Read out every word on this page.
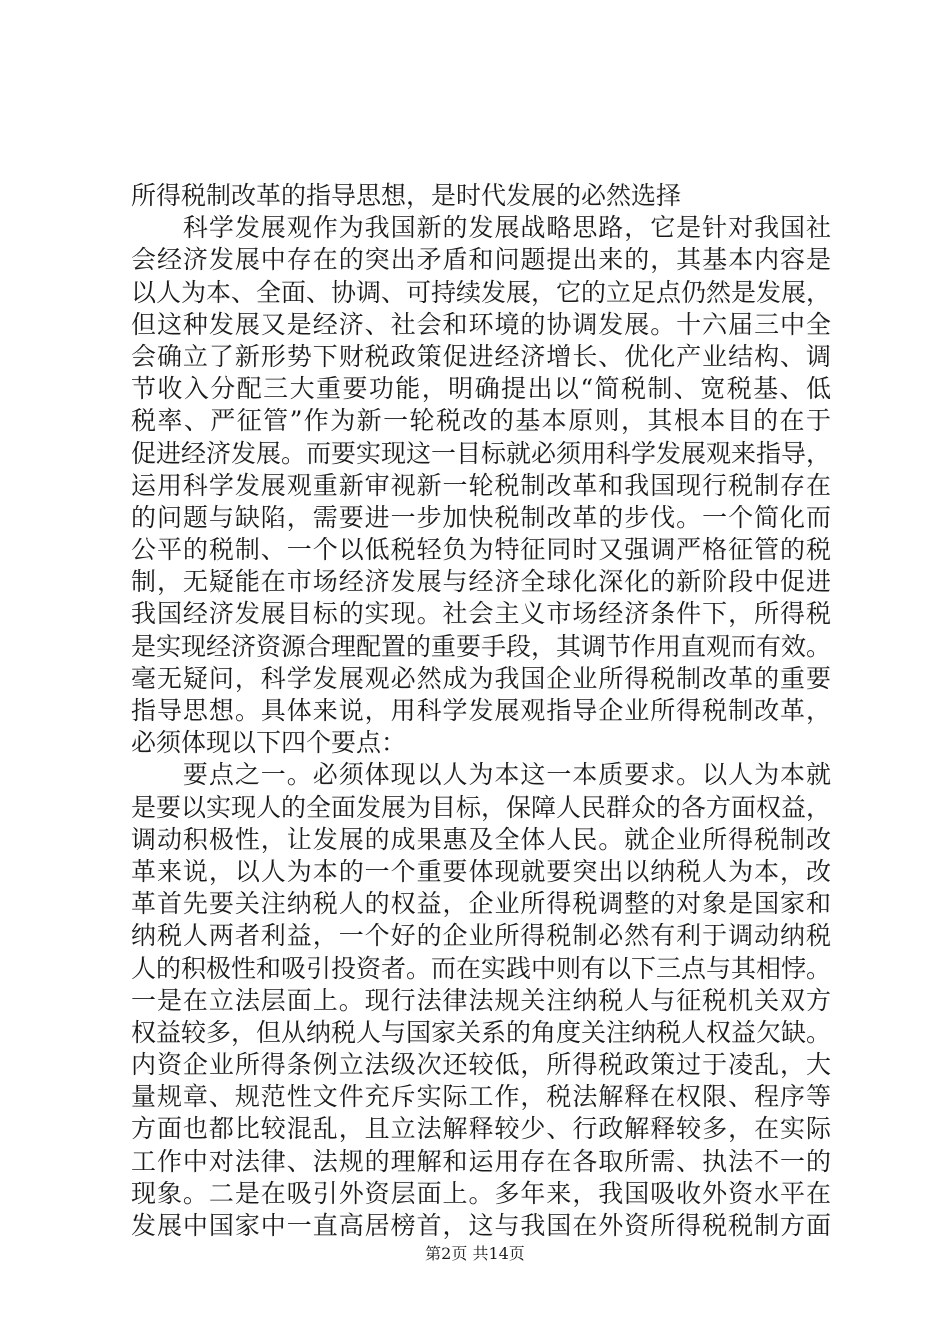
所得税制改革的指导思想，是时代发展的必然选择
　　科学发展观作为我国新的发展战略思路，它是针对我国社
会经济发展中存在的突出矛盾和问题提出来的，其基本内容是
以人为本、全面、协调、可持续发展，它的立足点仍然是发展，
但这种发展又是经济、社会和环境的协调发展。十六届三中全
会确立了新形势下财税政策促进经济增长、优化产业结构、调
节收入分配三大重要功能，明确提出以“简税制、宽税基、低
税率、严征管”作为新一轮税改的基本原则，其根本目的在于
促进经济发展。而要实现这一目标就必须用科学发展观来指导，
运用科学发展观重新审视新一轮税制改革和我国现行税制存在
的问题与缺陷，需要进一步加快税制改革的步伐。一个简化而
公平的税制、一个以低税轻负为特征同时又强调严格征管的税
制，无疑能在市场经济发展与经济全球化深化的新阶段中促进
我国经济发展目标的实现。社会主义市场经济条件下，所得税
是实现经济资源合理配置的重要手段，其调节作用直观而有效。
毫无疑问，科学发展观必然成为我国企业所得税制改革的重要
指导思想。具体来说，用科学发展观指导企业所得税制改革，
必须体现以下四个要点：
　　要点之一。必须体现以人为本这一本质要求。以人为本就
是要以实现人的全面发展为目标，保障人民群众的各方面权益，
调动积极性，让发展的成果惠及全体人民。就企业所得税制改
革来说，以人为本的一个重要体现就要突出以纳税人为本，改
革首先要关注纳税人的权益，企业所得税调整的对象是国家和
纳税人两者利益，一个好的企业所得税制必然有利于调动纳税
人的积极性和吸引投资者。而在实践中则有以下三点与其相悖。
一是在立法层面上。现行法律法规关注纳税人与征税机关双方
权益较多，但从纳税人与国家关系的角度关注纳税人权益欠缺。
内资企业所得条例立法级次还较低，所得税政策过于凌乱，大
量规章、规范性文件充斥实际工作，税法解释在权限、程序等
方面也都比较混乱，且立法解释较少、行政解释较多，在实际
工作中对法律、法规的理解和运用存在各取所需、执法不一的
现象。二是在吸引外资层面上。多年来，我国吸收外资水平在
发展中国家中一直高居榜首，这与我国在外资所得税税制方面
第2页 共14页
